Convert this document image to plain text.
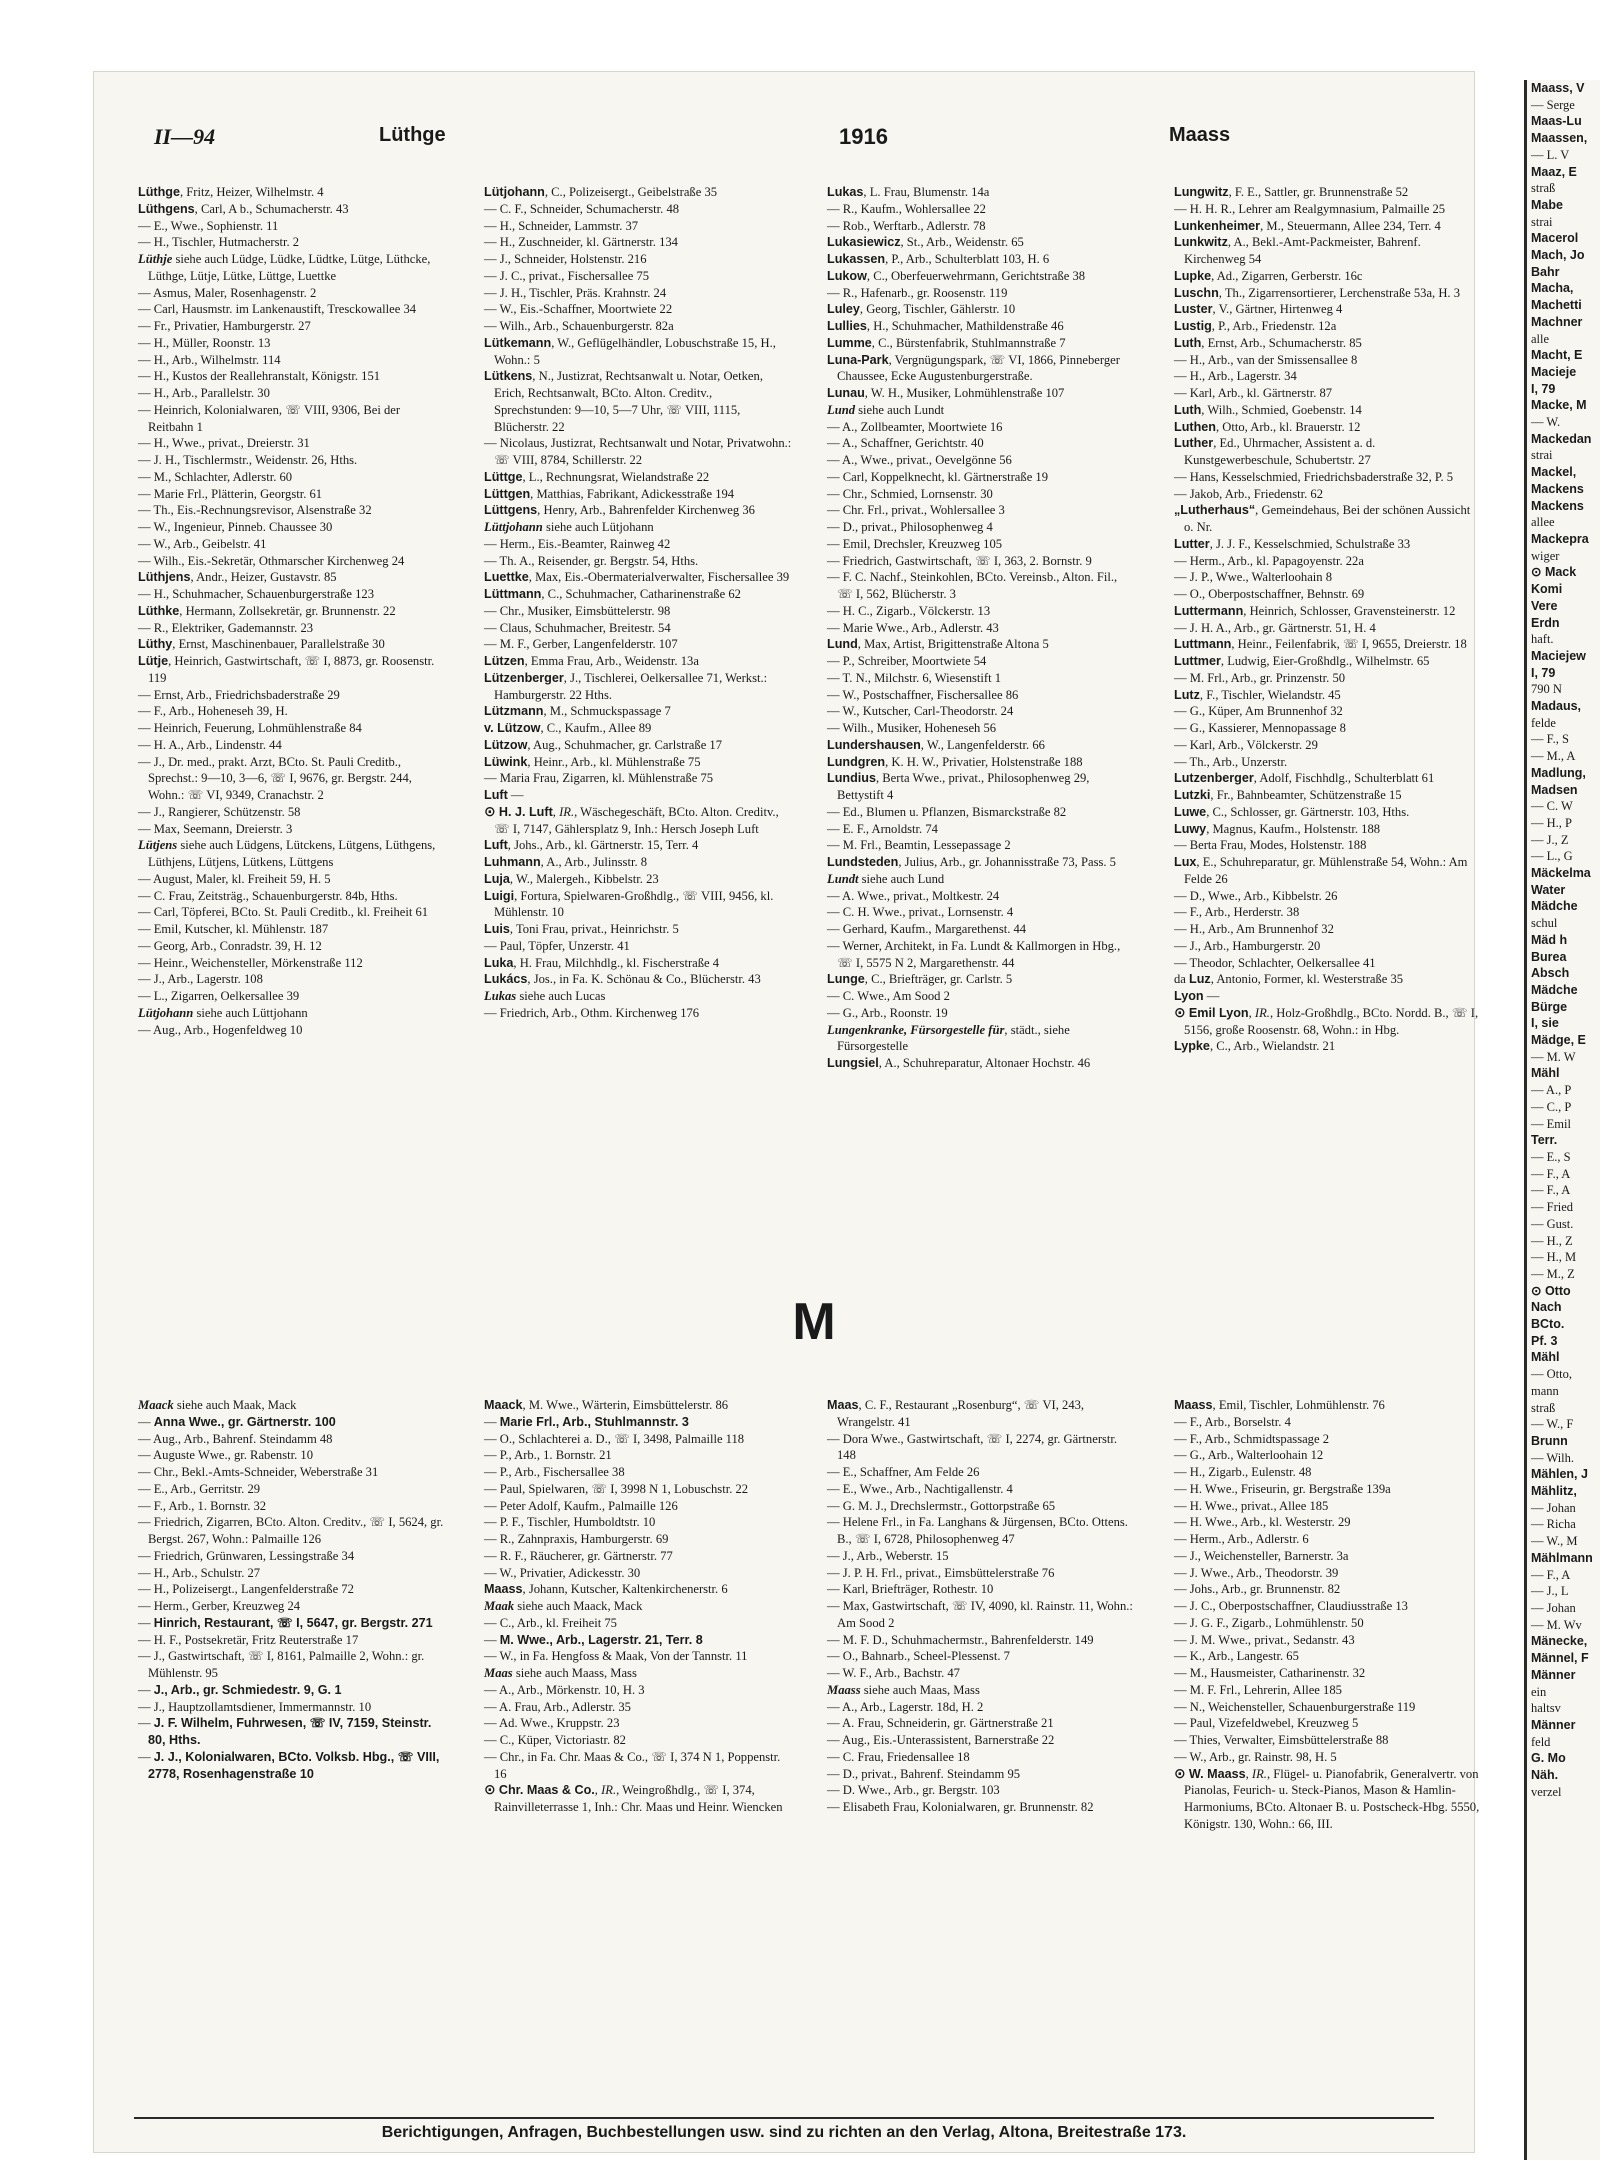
II—94	Lüthge	1916	Maass
Lüthge, Fritz, Heizer, Wilhelmstr. 4
Lüthgens, Carl, A b., Schumacherstr. 43
— E., Wwe., Sophienstr. 11
— H., Tischler, Hutmacherstr. 2
Lüthje siehe auch Lüdge, Lüdke, Lüdtke, Lütge, Lüthcke, Lüthge, Lütje, Lütke, Lüttge, Luettke
— Asmus, Maler, Rosenhagenstr. 2
— Carl, Hausmstr. im Lankenaustift, Tresckowallee 34
— Fr., Privatier, Hamburgerstr. 27
— H., Müller, Roonstr. 13
— H., Arb., Wilhelmstr. 114
— H., Kustos der Reallehranstalt, Königstr. 151
— H., Arb., Parallelstr. 30
— Heinrich, Kolonialwaren, ☏ VIII, 9306, Bei der Reitbahn 1
— H., Wwe., privat., Dreierstr. 31
— J. H., Tischlermstr., Weidenstr. 26, Hths.
— M., Schlachter, Adlerstr. 60
— Marie Frl., Plätterin, Georgstr. 61
— Th., Eis.-Rechnungsrevisor, Alsenstraße 32
— W., Ingenieur, Pinneb. Chaussee 30
— W., Arb., Geibelstr. 41
— Wilh., Eis.-Sekretär, Othmarscher Kirchenweg 24
Lüthjens, Andr., Heizer, Gustavstr. 85
— H., Schuhmacher, Schauenburgerstraße 123
Lüthke, Hermann, Zollsekretär, gr. Brunnenstr. 22
— R., Elektriker, Gademannstr. 23
Lüthy, Ernst, Maschinenbauer, Parallelstraße 30
Lütje, Heinrich, Gastwirtschaft, ☏ I, 8873, gr. Roosenstr. 119
— Ernst, Arb., Friedrichsbaderstraße 29
— F., Arb., Hoheneseh 39, H.
— Heinrich, Feuerung, Lohmühlenstraße 84
— H. A., Arb., Lindenstr. 44
— J., Dr. med., prakt. Arzt, BCto. St. Pauli Creditb., Sprechst.: 9—10, 3—6, ☏ I, 9676, gr. Bergstr. 244, Wohn.: ☏ VI, 9349, Cranachstr. 2
— J., Rangierer, Schützenstr. 58
— Max, Seemann, Dreierstr. 3
Lütjens siehe auch Lüdgens, Lütckens, Lütgens, Lüthgens, Lüthjens, Lütjens, Lütkens, Lüttgens
— August, Maler, kl. Freiheit 59, H. 5
— C. Frau, Zeitsträg., Schauenburgerstr. 84b, Hths.
— Carl, Töpferei, BCto. St. Pauli Creditb., kl. Freiheit 61
— Emil, Kutscher, kl. Mühlenstr. 187
— Georg, Arb., Conradstr. 39, H. 12
— Heinr., Weichensteller, Mörkenstraße 112
— J., Arb., Lagerstr. 108
— L., Zigarren, Oelkersallee 39
Lütjohann siehe auch Lüttjohann
— Aug., Arb., Hogenfeldweg 10
Lütjohann, C., Polizeisergt., Geibelstraße 35
— C. F., Schneider, Schumacherstr. 48
— H., Schneider, Lammstr. 37
— H., Zuschneider, kl. Gärtnerstr. 134
— J., Schneider, Holstenstr. 216
— J. C., privat., Fischersallee 75
— J. H., Tischler, Präs. Krahnstr. 24
— W., Eis.-Schaffner, Moortwiete 22
— Wilh., Arb., Schauenburgerstr. 82a
Lütkemann, W., Geflügelhändler, Lobuschstraße 15, H., Wohn.: 5
Lütkens, N., Justizrat, Rechtsanwalt u. Notar, Oetken, Erich, Rechtsanwalt, BCto. Alton. Creditv., Sprechstunden: 9—10, 5—7 Uhr, ☏ VIII, 1115, Blücherstr. 22
— Nicolaus, Justizrat, Rechtsanwalt und Notar, Privatwohn.: ☏ VIII, 8784, Schillerstr. 22
Lüttge, L., Rechnungsrat, Wielandstraße 22
Lüttgen, Matthias, Fabrikant, Adickesstraße 194
Lüttgens, Henry, Arb., Bahrenfelder Kirchenweg 36
Lüttjohann siehe auch Lütjohann
— Herm., Eis.-Beamter, Rainweg 42
— Th. A., Reisender, gr. Bergstr. 54, Hths.
Luettke, Max, Eis.-Obermaterialverwalter, Fischersallee 39
Lüttmann, C., Schuhmacher, Catharinenstraße 62
— Chr., Musiker, Eimsbüttelerstr. 98
— Claus, Schuhmacher, Breitestr. 54
— M. F., Gerber, Langenfelderstr. 107
Lützen, Emma Frau, Arb., Weidenstr. 13a
Lützenberger, J., Tischlerei, Oelkersallee 71, Werkst.: Hamburgerstr. 22 Hths.
Lützmann, M., Schmuckspassage 7
v. Lützow, C., Kaufm., Allee 89
Lützow, Aug., Schuhmacher, gr. Carlstraße 17
Lüwink, Heinr., Arb., kl. Mühlenstraße 75
— Maria Frau, Zigarren, kl. Mühlenstraße 75
Luft —
⊙ H. J. Luft, IR., Wäschegeschäft, BCto. Alton. Creditv., ☏ I, 7147, Gählersplatz 9, Inh.: Hersch Joseph Luft
Luft, Johs., Arb., kl. Gärtnerstr. 15, Terr. 4
Luhmann, A., Arb., Julinsstr. 8
Luja, W., Malergeh., Kibbelstr. 23
Luigi, Fortura, Spielwaren-Großhdlg., ☏ VIII, 9456, kl. Mühlenstr. 10
Luis, Toni Frau, privat., Heinrichstr. 5
— Paul, Töpfer, Unzerstr. 41
Luka, H. Frau, Milchhdlg., kl. Fischerstraße 4
Lukács, Jos., in Fa. K. Schönau & Co., Blücherstr. 43
Lukas siehe auch Lucas
— Friedrich, Arb., Othm. Kirchenweg 176
Lukas, L. Frau, Blumenstr. 14a
— R., Kaufm., Wohlersallee 22
— Rob., Werftarb., Adlerstr. 78
Lukasiewicz, St., Arb., Weidenstr. 65
Lukassen, P., Arb., Schulterblatt 103, H. 6
Lukow, C., Oberfeuerwehrmann, Gerichtstraße 38
— R., Hafenarb., gr. Roosenstr. 119
Luley, Georg, Tischler, Gählerstr. 10
Lullies, H., Schuhmacher, Mathildenstraße 46
Lumme, C., Bürstenfabrik, Stuhlmannstraße 7
Luna-Park, Vergnügungspark, ☏ VI, 1866, Pinneberger Chaussee, Ecke Augustenburgerstraße.
Lunau, W. H., Musiker, Lohmühlenstraße 107
Lund siehe auch Lundt
— A., Zollbeamter, Moortwiete 16
— A., Schaffner, Gerichtstr. 40
— A., Wwe., privat., Oevelgönne 56
— Carl, Koppelknecht, kl. Gärtnerstraße 19
— Chr., Schmied, Lornsenstr. 30
— Chr. Frl., privat., Wohlersallee 3
— D., privat., Philosophenweg 4
— Emil, Drechsler, Kreuzweg 105
— Friedrich, Gastwirtschaft, ☏ I, 363, 2. Bornstr. 9
— F. C. Nachf., Steinkohlen, BCto. Vereinsb., Alton. Fil., ☏ I, 562, Blücherstr. 3
— H. C., Zigarb., Völckerstr. 13
— Marie Wwe., Arb., Adlerstr. 43
Lund, Max, Artist, Brigittenstraße Altona 5
— P., Schreiber, Moortwiete 54
— T. N., Milchstr. 6, Wiesenstift 1
— W., Postschaffner, Fischersallee 86
— W., Kutscher, Carl-Theodorstr. 24
— Wilh., Musiker, Hoheneseh 56
Lundershausen, W., Langenfelderstr. 66
Lundgren, K. H. W., Privatier, Holstenstraße 188
Lundius, Berta Wwe., privat., Philosophenweg 29, Bettystift 4
— Ed., Blumen u. Pflanzen, Bismarckstraße 82
— E. F., Arnoldstr. 74
— M. Frl., Beamtin, Lessepassage 2
Lundsteden, Julius, Arb., gr. Johannisstraße 73, Pass. 5
Lundt siehe auch Lund
— A. Wwe., privat., Moltkestr. 24
— C. H. Wwe., privat., Lornsenstr. 4
— Gerhard, Kaufm., Margarethenst. 44
— Werner, Architekt, in Fa. Lundt & Kallmorgen in Hbg., ☏ I, 5575 N 2, Margarethenstr. 44
Lunge, C., Briefträger, gr. Carlstr. 5
— C. Wwe., Am Sood 2
— G., Arb., Roonstr. 19
Lungenkranke, Fürsorgestelle für, städt., siehe Fürsorgestelle
Lungsiel, A., Schuhreparatur, Altonaer Hochstr. 46
Lungwitz, F. E., Sattler, gr. Brunnenstraße 52
— H. H. R., Lehrer am Realgymnasium, Palmaille 25
Lunkenheimer, M., Steuermann, Allee 234, Terr. 4
Lunkwitz, A., Bekl.-Amt-Packmeister, Bahrenf. Kirchenweg 54
Lupke, Ad., Zigarren, Gerberstr. 16c
Luschn, Th., Zigarrensortierer, Lerchenstraße 53a, H. 3
Luster, V., Gärtner, Hirtenweg 4
Lustig, P., Arb., Friedenstr. 12a
Luth, Ernst, Arb., Schumacherstr. 85
— H., Arb., van der Smissensallee 8
— H., Arb., Lagerstr. 34
— Karl, Arb., kl. Gärtnerstr. 87
Luth, Wilh., Schmied, Goebenstr. 14
Luthen, Otto, Arb., kl. Brauerstr. 12
Luther, Ed., Uhrmacher, Assistent a. d. Kunstgewerbeschule, Schubertstr. 27
— Hans, Kesselschmied, Friedrichsbaderstraße 32, P. 5
— Jakob, Arb., Friedenstr. 62
„Lutherhaus“, Gemeindehaus, Bei der schönen Aussicht o. Nr.
Lutter, J. J. F., Kesselschmied, Schulstraße 33
— Herm., Arb., kl. Papagoyenstr. 22a
— J. P., Wwe., Walterloohain 8
— O., Oberpostschaffner, Behnstr. 69
Luttermann, Heinrich, Schlosser, Gravensteinerstr. 12
— J. H. A., Arb., gr. Gärtnerstr. 51, H. 4
Luttmann, Heinr., Feilenfabrik, ☏ I, 9655, Dreierstr. 18
Luttmer, Ludwig, Eier-Großhdlg., Wilhelmstr. 65
— M. Frl., Arb., gr. Prinzenstr. 50
Lutz, F., Tischler, Wielandstr. 45
— G., Küper, Am Brunnenhof 32
— G., Kassierer, Mennopassage 8
— Karl, Arb., Völckerstr. 29
— Th., Arb., Unzerstr.
Lutzenberger, Adolf, Fischhdlg., Schulterblatt 61
Lutzki, Fr., Bahnbeamter, Schützenstraße 15
Luwe, C., Schlosser, gr. Gärtnerstr. 103, Hths.
Luwy, Magnus, Kaufm., Holstenstr. 188
— Berta Frau, Modes, Holstenstr. 188
Lux, E., Schuhreparatur, gr. Mühlenstraße 54, Wohn.: Am Felde 26
— D., Wwe., Arb., Kibbelstr. 26
— F., Arb., Herderstr. 38
— H., Arb., Am Brunnenhof 32
— J., Arb., Hamburgerstr. 20
— Theodor, Schlachter, Oelkersallee 41
da Luz, Antonio, Former, kl. Westerstraße 35
Lyon —
⊙ Emil Lyon, IR., Holz-Großhdlg., BCto. Nordd. B., ☏ I, 5156, große Roosenstr. 68, Wohn.: in Hbg.
Lypke, C., Arb., Wielandstr. 21
M
Maack siehe auch Maak, Mack
— Anna Wwe., gr. Gärtnerstr. 100
— Aug., Arb., Bahrenf. Steindamm 48
— Auguste Wwe., gr. Rabenstr. 10
— Chr., Bekl.-Amts-Schneider, Weberstraße 31
— E., Arb., Gerritstr. 29
— F., Arb., 1. Bornstr. 32
— Friedrich, Zigarren, BCto. Alton. Creditv., ☏ I, 5624, gr. Bergst. 267, Wohn.: Palmaille 126
— Friedrich, Grünwaren, Lessingstraße 34
— H., Arb., Schulstr. 27
— H., Polizeisergt., Langenfelderstraße 72
— Herm., Gerber, Kreuzweg 24
— Hinrich, Restaurant, ☏ I, 5647, gr. Bergstr. 271
— H. F., Postsekretär, Fritz Reuterstraße 17
— J., Gastwirtschaft, ☏ I, 8161, Palmaille 2, Wohn.: gr. Mühlenstr. 95
— J., Arb., gr. Schmiedestr. 9, G. 1
— J., Hauptzollamtsdiener, Immermannstr. 10
— J. F. Wilhelm, Fuhrwesen, ☏ IV, 7159, Steinstr. 80, Hths.
— J. J., Kolonialwaren, BCto. Volksb. Hbg., ☏ VIII, 2778, Rosenhagenstraße 10
Maack, M. Wwe., Wärterin, Eimsbüttelerstr. 86
— Marie Frl., Arb., Stuhlmannstr. 3
— O., Schlachterei a. D., ☏ I, 3498, Palmaille 118
— P., Arb., 1. Bornstr. 21
— P., Arb., Fischersallee 38
— Paul, Spielwaren, ☏ I, 3998 N 1, Lobuschstr. 22
— Peter Adolf, Kaufm., Palmaille 126
— P. F., Tischler, Humboldtstr. 10
— R., Zahnpraxis, Hamburgerstr. 69
— R. F., Räucherer, gr. Gärtnerstr. 77
— W., Privatier, Adickesstr. 30
Maass, Johann, Kutscher, Kaltenkirchenerstr. 6
Maak siehe auch Maack, Mack
— C., Arb., kl. Freiheit 75
— M. Wwe., Arb., Lagerstr. 21, Terr. 8
— W., in Fa. Hengfoss & Maak, Von der Tannstr. 11
Maas siehe auch Maass, Mass
— A., Arb., Mörkenstr. 10, H. 3
— A. Frau, Arb., Adlerstr. 35
— Ad. Wwe., Kruppstr. 23
— C., Küper, Victoriastr. 82
— Chr., in Fa. Chr. Maas & Co., ☏ I, 374 N 1, Poppenstr. 16
⊙ Chr. Maas & Co., IR., Weingroßhdlg., ☏ I, 374, Rainvilleterrasse 1, Inh.: Chr. Maas und Heinr. Wiencken
Maas, C. F., Restaurant „Rosenburg“, ☏ VI, 243, Wrangelstr. 41
— Dora Wwe., Gastwirtschaft, ☏ I, 2274, gr. Gärtnerstr. 148
— E., Schaffner, Am Felde 26
— E., Wwe., Arb., Nachtigallenstr. 4
— G. M. J., Drechslermstr., Gottorpstraße 65
— Helene Frl., in Fa. Langhans & Jürgensen, BCto. Ottens. B., ☏ I, 6728, Philosophenweg 47
— J., Arb., Weberstr. 15
— J. P. H. Frl., privat., Eimsbüttelerstraße 76
— Karl, Briefträger, Rothestr. 10
— Max, Gastwirtschaft, ☏ IV, 4090, kl. Rainstr. 11, Wohn.: Am Sood 2
— M. F. D., Schuhmachermstr., Bahrenfelderstr. 149
— O., Bahnarb., Scheel-Plessenst. 7
— W. F., Arb., Bachstr. 47
Maass siehe auch Maas, Mass
— A., Arb., Lagerstr. 18d, H. 2
— A. Frau, Schneiderin, gr. Gärtnerstraße 21
— Aug., Eis.-Unterassistent, Barnerstraße 22
— C. Frau, Friedensallee 18
— D., privat., Bahrenf. Steindamm 95
— D. Wwe., Arb., gr. Bergstr. 103
— Elisabeth Frau, Kolonialwaren, gr. Brunnenstr. 82
Maass, Emil, Tischler, Lohmühlenstr. 76
— F., Arb., Borselstr. 4
— F., Arb., Schmidtspassage 2
— G., Arb., Walterloohain 12
— H., Zigarb., Eulenstr. 48
— H. Wwe., Friseurin, gr. Bergstraße 139a
— H. Wwe., privat., Allee 185
— H. Wwe., Arb., kl. Westerstr. 29
— Herm., Arb., Adlerstr. 6
— J., Weichensteller, Barnerstr. 3a
— J. Wwe., Arb., Theodorstr. 39
— Johs., Arb., gr. Brunnenstr. 82
— J. C., Oberpostschaffner, Claudiusstraße 13
— J. G. F., Zigarb., Lohmühlenstr. 50
— J. M. Wwe., privat., Sedanstr. 43
— K., Arb., Langestr. 65
— M., Hausmeister, Catharinenstr. 32
— M. F. Frl., Lehrerin, Allee 185
— N., Weichensteller, Schauenburgerstraße 119
— Paul, Vizefeldwebel, Kreuzweg 5
— Thies, Verwalter, Eimsbüttelerstraße 88
— W., Arb., gr. Rainstr. 98, H. 5
⊙ W. Maass, IR., Flügel- u. Pianofabrik, Generalvertr. von Pianolas, Feurich- u. Steck-Pianos, Mason & Hamlin-Harmoniums, BCto. Altonaer B. u. Postscheck-Hbg. 5550, Königstr. 130, Wohn.: 66, III.
Berichtigungen, Anfragen, Buchbestellungen usw. sind zu richten an den Verlag, Altona, Breitestraße 173.
Maass, V
— Serge
Maas-Lu
Maassen,
— L. V
Maaz, E
straß
Mabe
strai
Macerol
Mach, Jo
Bahr
Macha,
Machetti
Machner
alle
Macht, E
Macieje
I, 79
Macke, M
— W.
Mackedan
strai
Mackel,
Mackens
Mackens
allee
Mackepra
wiger
⊙ Mack
Komi
Vere
Erdn
haft.
Maciejew
I, 79
790 N
Madaus,
felde
— F., S
— M., A
Madlung,
Madsen
— C. W
— H., P
— J., Z
— L., G
Mäckelma
Water
Mädche
schul
Mäd h
Burea
Absch
Mädche
Bürge
I, sie
Mädge, E
— M. W
Mähl
— A., P
— C., P
— Emil
Terr.
— E., S
— F., A
— F., A
— Fried
— Gust.
— H., Z
— H., M
— M., Z
⊙ Otto
Nach
BCto.
Pf. 3
Mähl
— Otto,
mann
straß
— W., F
Brunn
— Wilh.
Mählen, J
Mählitz,
— Johan
— Richa
— W., M
Mählmann
— F., A
— J., L
— Johan
— M. Wv
Mänecke,
Männel, F
Männer
ein
haltsv
Männer
feld
G. Mo
Näh.
verzel
